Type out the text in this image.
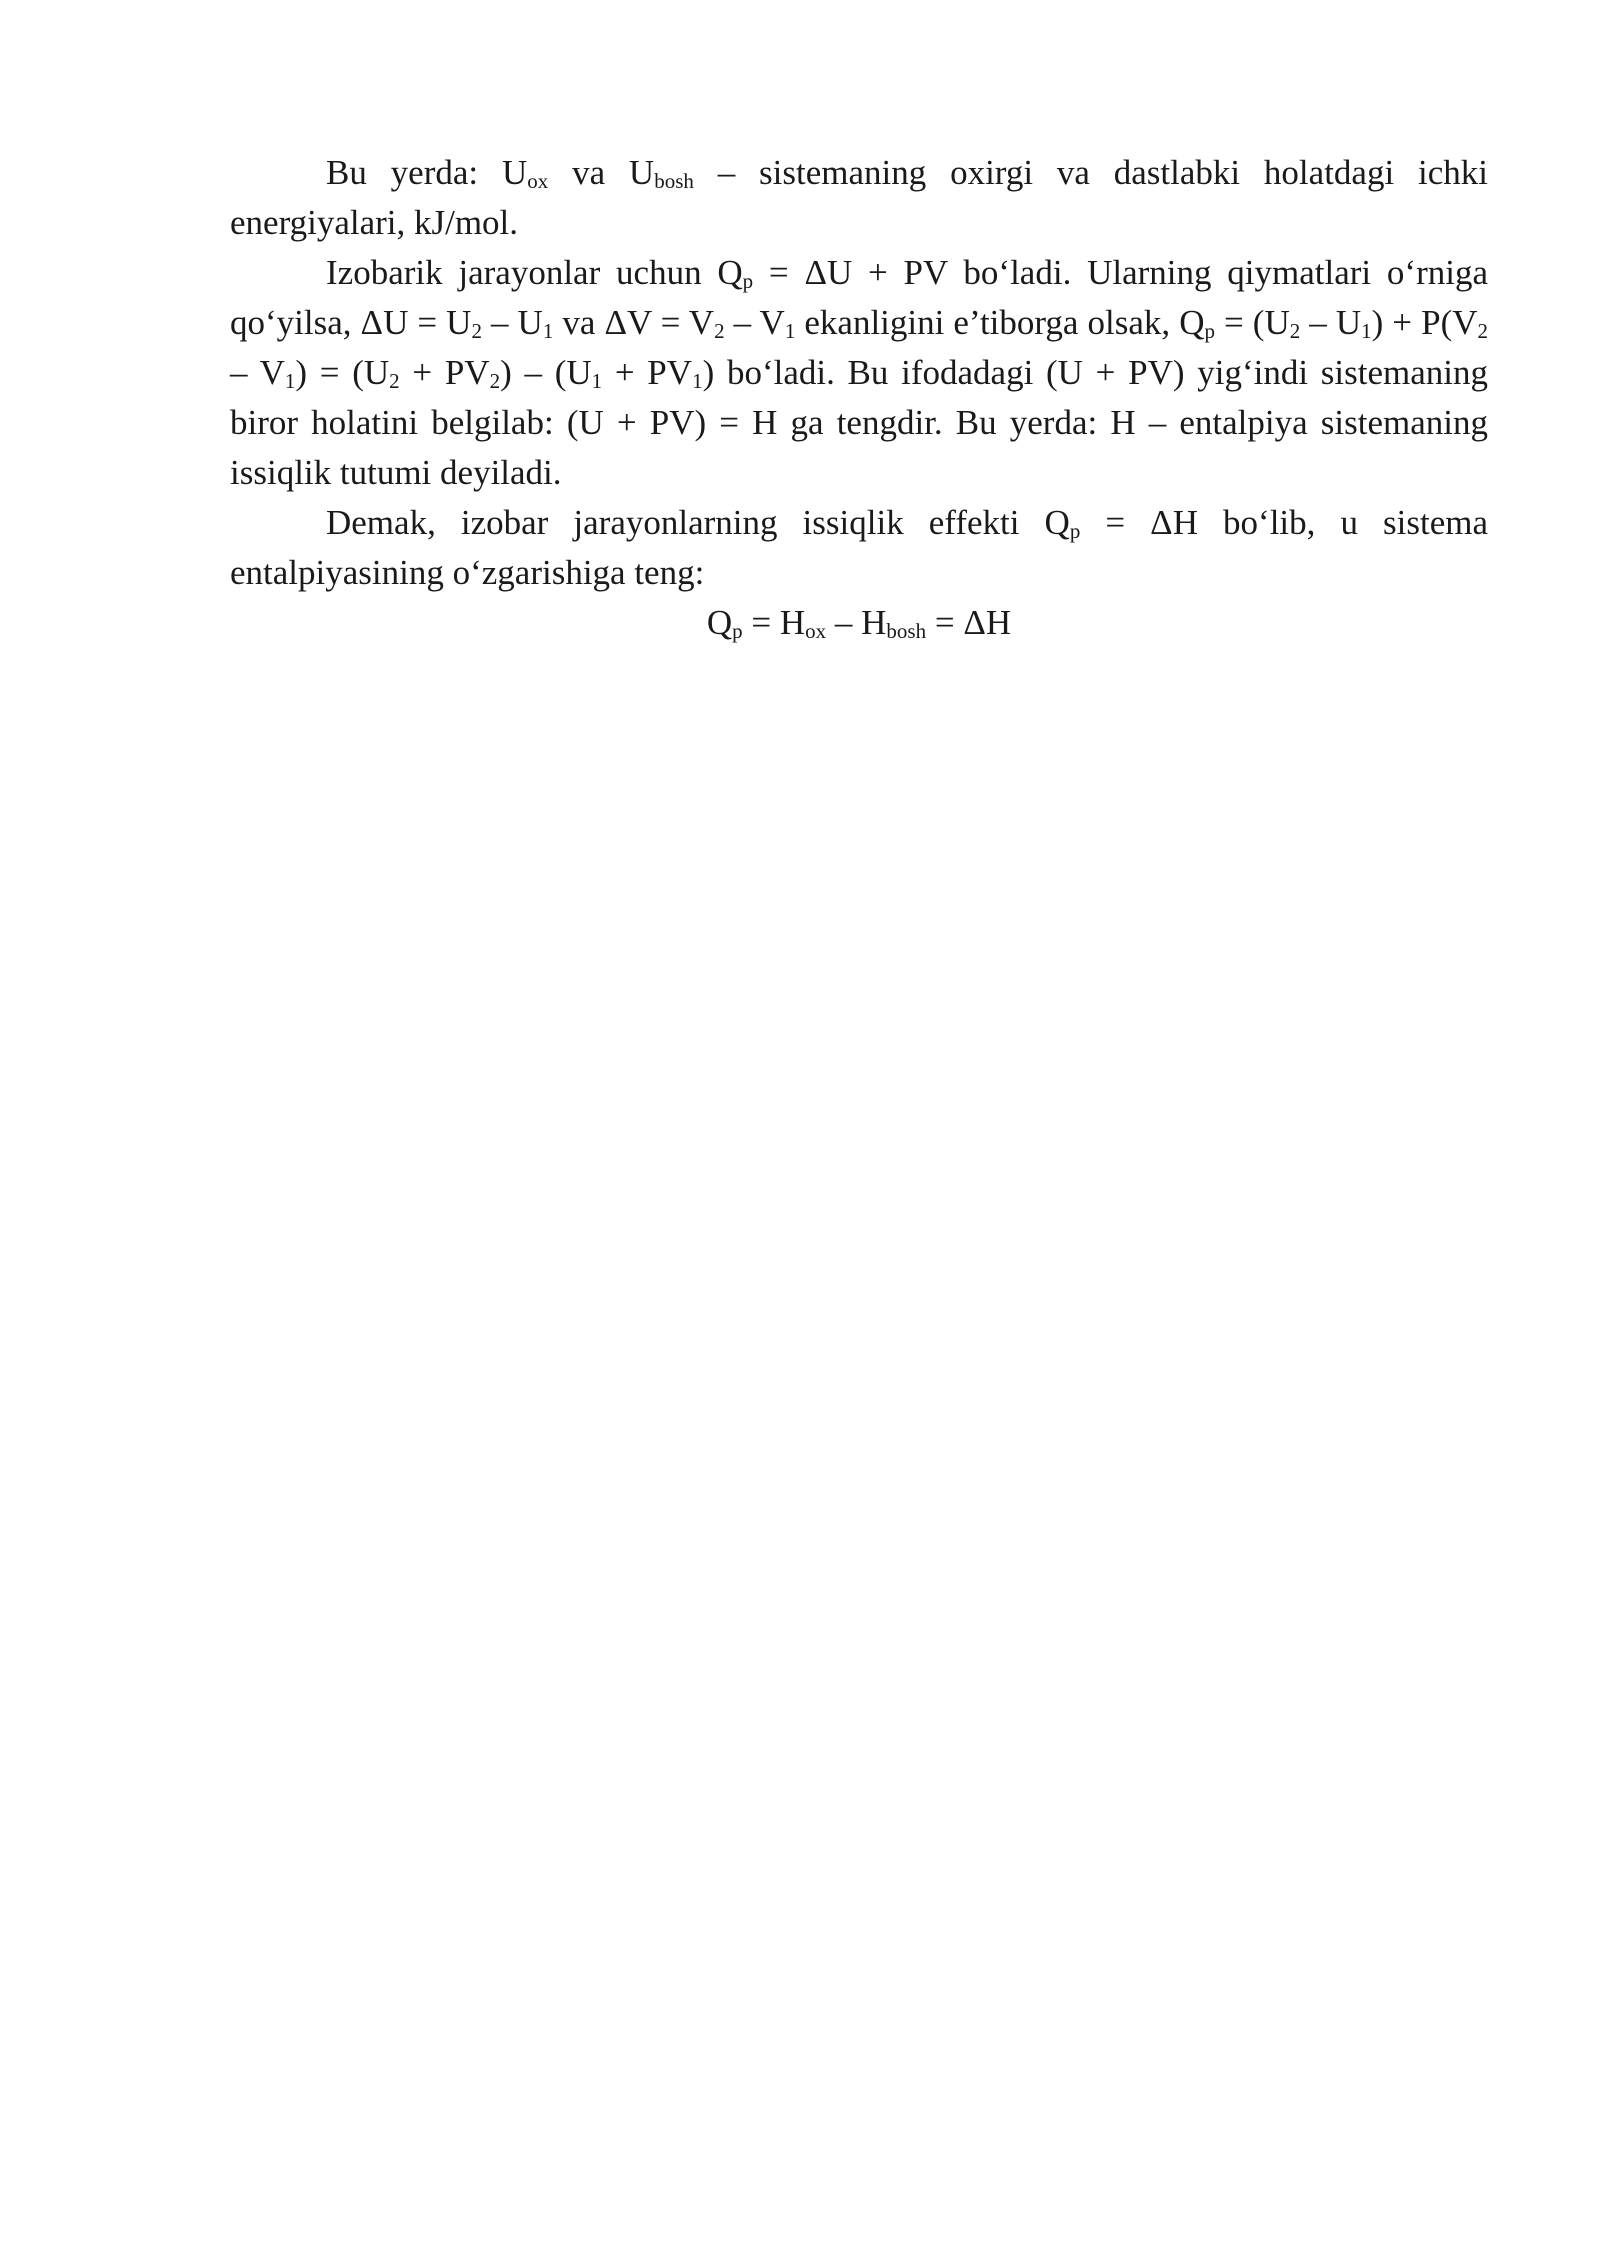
Bu yerda: $U_{ox}$ va $U_{bosh}$ – sistemaning oxirgi va dastlabki holatdagi ichki energiyalari, kJ/mol.

Izobarik jarayonlar uchun $Q_p = \Delta U$ + PV bo‘ladi. Ularning qiymatlari o‘rniga qo‘yilsa, $\Delta U = U_2 - U_1$ va $\Delta V = V_2 - V_1$ ekanligini e’tiborga olsak, $Q_p = (U_2 - U_1) + P(V_2 - V_1) = (U_2 + PV_2) - (U_1 + PV_1)$ bo‘ladi. Bu ifodadagi (U + PV) yig‘indi sistemaning biror holatini belgilab: (U + PV) = H ga tengdir. Bu yerda: H – entalpiya sistemaning issiqlik tutumi deyiladi.

Demak, izobar jarayonlarning issiqlik effekti $Q_p = \Delta H$ bo‘lib, u sistema entalpiyasining o‘zgarishiga teng:

$Q_p = H_{ox} - H_{bosh} = \Delta H$
